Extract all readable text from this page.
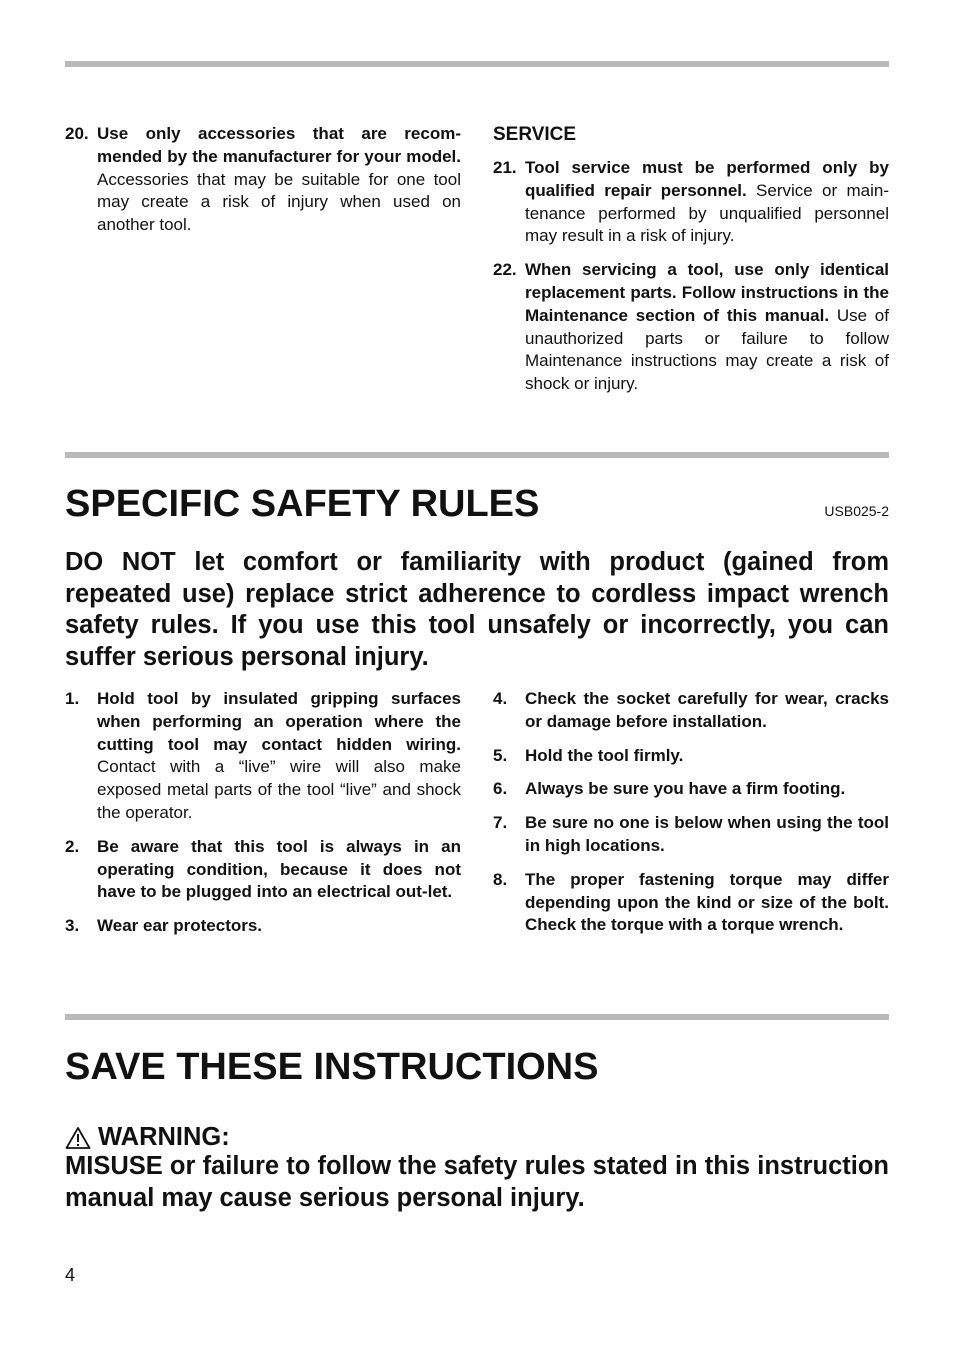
20. Use only accessories that are recom-mended by the manufacturer for your model. Accessories that may be suitable for one tool may create a risk of injury when used on another tool.
SERVICE
21. Tool service must be performed only by qualified repair personnel. Service or main-tenance performed by unqualified personnel may result in a risk of injury.
22. When servicing a tool, use only identical replacement parts. Follow instructions in the Maintenance section of this manual. Use of unauthorized parts or failure to follow Maintenance instructions may create a risk of shock or injury.
SPECIFIC SAFETY RULES	USB025-2

DO NOT let comfort or familiarity with product (gained from repeated use) replace strict adherence to cordless impact wrench safety rules. If you use this tool unsafely or incorrectly, you can suffer serious personal injury.

1.	Hold tool by insulated gripping surfaces when performing an operation where the cutting tool may contact hidden wiring. Contact with a “live” wire will also make exposed metal parts of the tool “live” and shock the operator.
2.	Be aware that this tool is always in an operating condition, because it does not have to be plugged into an electrical out-let.
3.	Wear ear protectors.
4.	Check the socket carefully for wear, cracks or damage before installation.
5.	Hold the tool firmly.
6.	Always be sure you have a firm footing.
7.	Be sure no one is below when using the tool in high locations.
8.	The proper fastening torque may differ depending upon the kind or size of the bolt. Check the torque with a torque wrench.
SAVE THESE INSTRUCTIONS
WARNING:

MISUSE or failure to follow the safety rules stated in this instruction manual may cause serious personal injury.

4
